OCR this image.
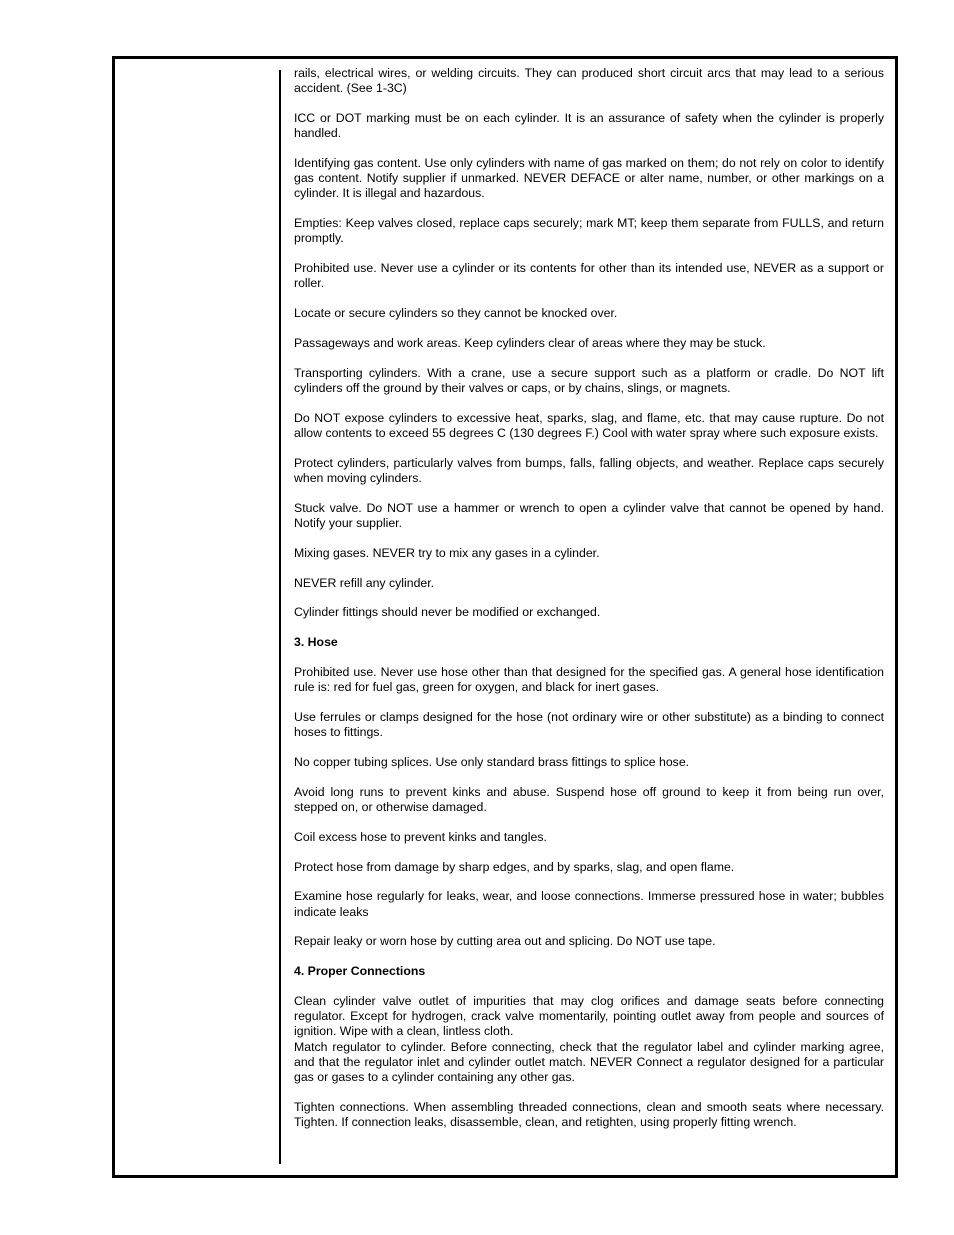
rails, electrical wires, or welding circuits. They can produced short circuit arcs that may lead to a serious accident. (See 1-3C)

ICC or DOT marking must be on each cylinder. It is an assurance of safety when the cylinder is properly handled.

Identifying gas content. Use only cylinders with name of gas marked on them; do not rely on color to identify gas content. Notify supplier if unmarked. NEVER DEFACE or alter name, number, or other markings on a cylinder. It is illegal and hazardous.

Empties: Keep valves closed, replace caps securely; mark MT; keep them separate from FULLS, and return promptly.

Prohibited use. Never use a cylinder or its contents for other than its intended use, NEVER as a support or roller.

Locate or secure cylinders so they cannot be knocked over.

Passageways and work areas. Keep cylinders clear of areas where they may be stuck.

Transporting cylinders. With a crane, use a secure support such as a platform or cradle. Do NOT lift cylinders off the ground by their valves or caps, or by chains, slings, or magnets.

Do NOT expose cylinders to excessive heat, sparks, slag, and flame, etc. that may cause rupture. Do not allow contents to exceed 55 degrees C (130 degrees F.) Cool with water spray where such exposure exists.

Protect cylinders, particularly valves from bumps, falls, falling objects, and weather. Replace caps securely when moving cylinders.

Stuck valve. Do NOT use a hammer or wrench to open a cylinder valve that cannot be opened by hand. Notify your supplier.

Mixing gases. NEVER try to mix any gases in a cylinder.

NEVER refill any cylinder.

Cylinder fittings should never be modified or exchanged.

3. Hose

Prohibited use. Never use hose other than that designed for the specified gas. A general hose identification rule is: red for fuel gas, green for oxygen, and black for inert gases.

Use ferrules or clamps designed for the hose (not ordinary wire or other substitute) as a binding to connect hoses to fittings.

No copper tubing splices. Use only standard brass fittings to splice hose.

Avoid long runs to prevent kinks and abuse. Suspend hose off ground to keep it from being run over, stepped on, or otherwise damaged.

Coil excess hose to prevent kinks and tangles.

Protect hose from damage by sharp edges, and by sparks, slag, and open flame.

Examine hose regularly for leaks, wear, and loose connections. Immerse pressured hose in water; bubbles indicate leaks

Repair leaky or worn hose by cutting area out and splicing. Do NOT use tape.

4. Proper Connections

Clean cylinder valve outlet of impurities that may clog orifices and damage seats before connecting regulator. Except for hydrogen, crack valve momentarily, pointing outlet away from people and sources of ignition. Wipe with a clean, lintless cloth.

Match regulator to cylinder. Before connecting, check that the regulator label and cylinder marking agree, and that the regulator inlet and cylinder outlet match. NEVER Connect a regulator designed for a particular gas or gases to a cylinder containing any other gas.

Tighten connections. When assembling threaded connections, clean and smooth seats where necessary. Tighten. If connection leaks, disassemble, clean, and retighten, using properly fitting wrench.
